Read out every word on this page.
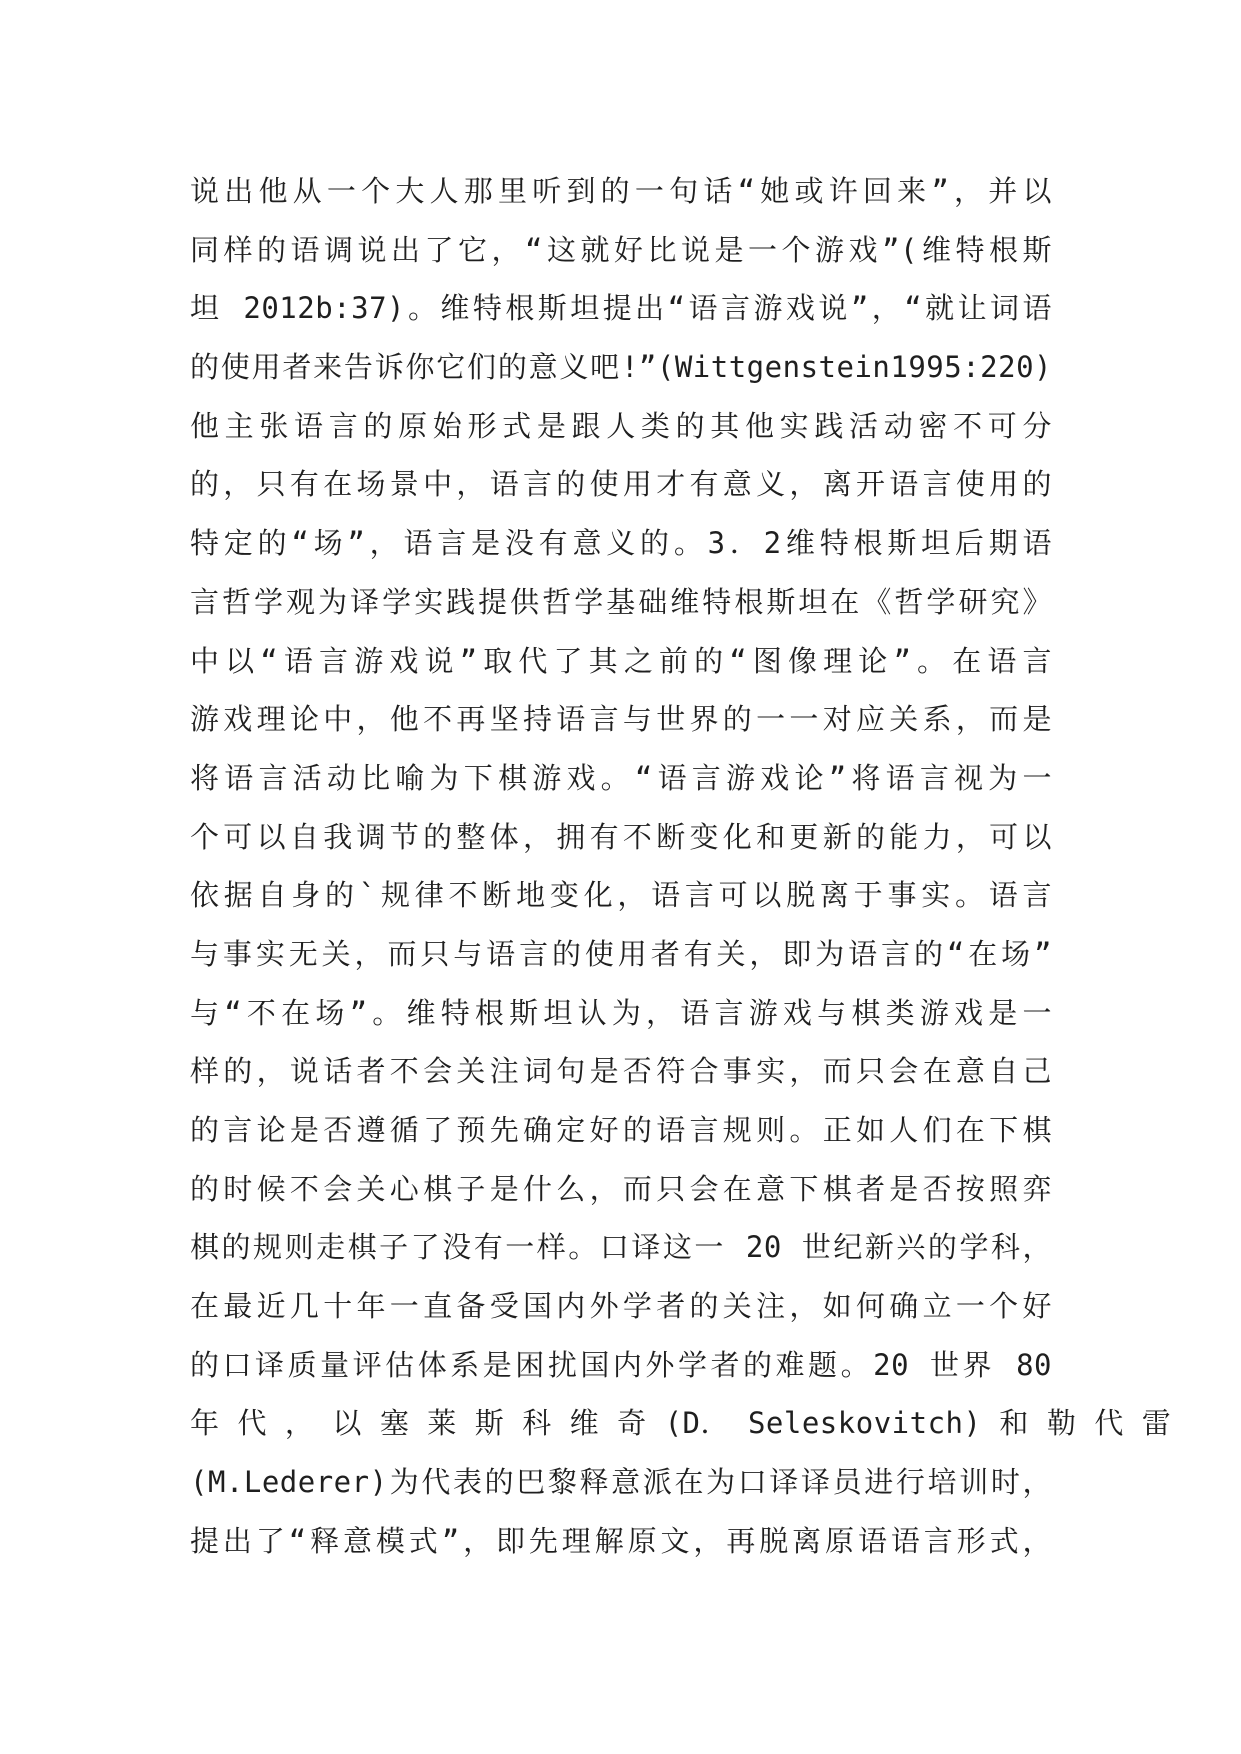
说出他从一个大人那里听到的一句话“她或许回来”，并以
同样的语调说出了它，“这就好比说是一个游戏”(维特根斯
坦 2012b:37)。维特根斯坦提出“语言游戏说”，“就让词语
的使用者来告诉你它们的意义吧!”(Wittgenstein1995:220)
他主张语言的原始形式是跟人类的其他实践活动密不可分
的，只有在场景中，语言的使用才有意义，离开语言使用的
特定的“场”，语言是没有意义的。3．2维特根斯坦后期语
言哲学观为译学实践提供哲学基础维特根斯坦在《哲学研究》
中以“语言游戏说”取代了其之前的“图像理论”。在语言
游戏理论中，他不再坚持语言与世界的一一对应关系，而是
将语言活动比喻为下棋游戏。“语言游戏论”将语言视为一
个可以自我调节的整体，拥有不断变化和更新的能力，可以
依据自身的`规律不断地变化，语言可以脱离于事实。语言
与事实无关，而只与语言的使用者有关，即为语言的“在场”
与“不在场”。维特根斯坦认为，语言游戏与棋类游戏是一
样的，说话者不会关注词句是否符合事实，而只会在意自己
的言论是否遵循了预先确定好的语言规则。正如人们在下棋
的时候不会关心棋子是什么，而只会在意下棋者是否按照弈
棋的规则走棋子了没有一样。口译这一 20 世纪新兴的学科，
在最近几十年一直备受国内外学者的关注，如何确立一个好
的口译质量评估体系是困扰国内外学者的难题。20 世界 80
年 代 ， 以 塞 莱 斯 科 维 奇 (D． Seleskovitch) 和 勒 代 雷
(M.Lederer)为代表的巴黎释意派在为口译译员进行培训时，
提出了“释意模式”，即先理解原文，再脱离原语语言形式，
